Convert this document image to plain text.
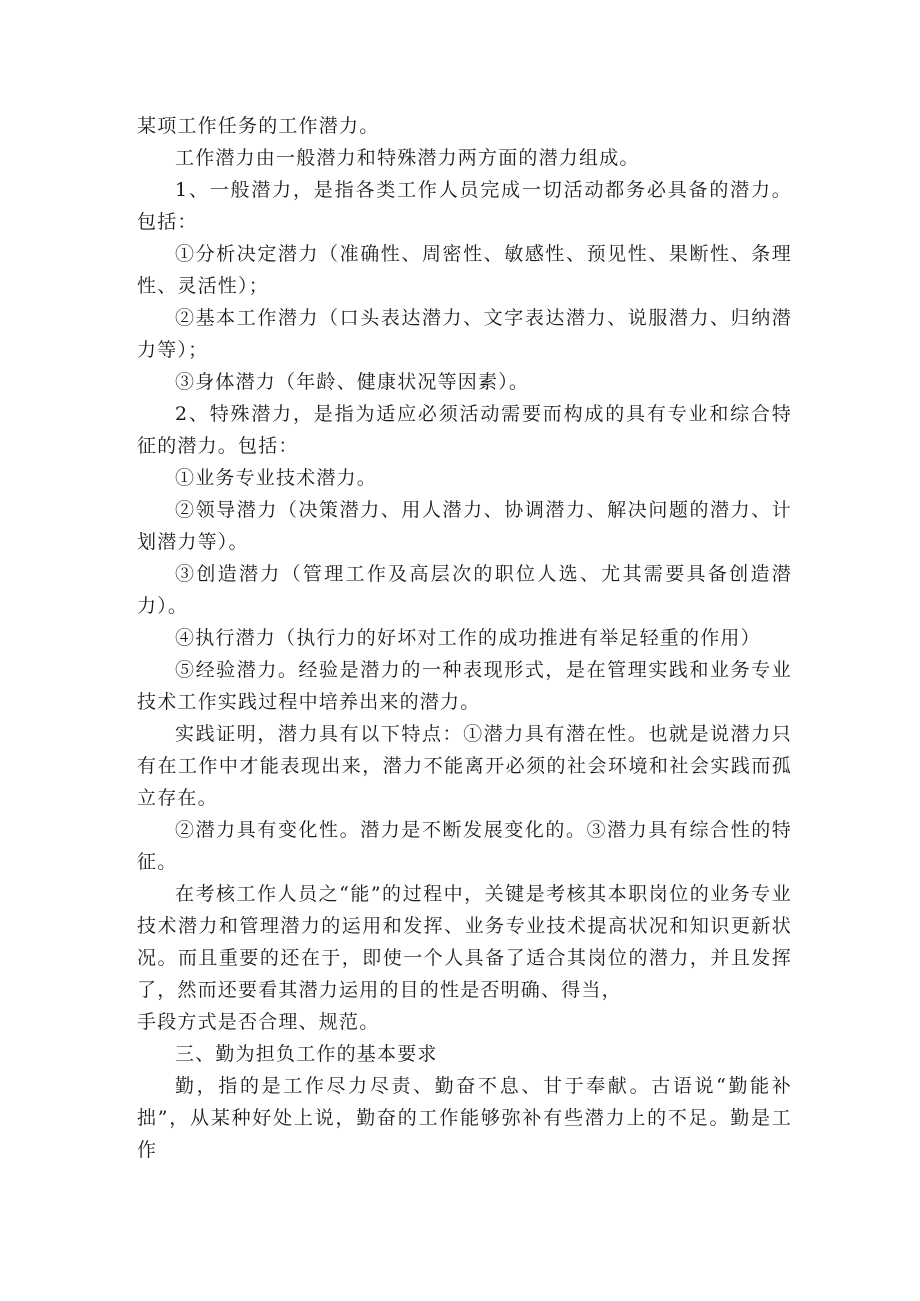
某项工作任务的工作潜力。

工作潜力由一般潜力和特殊潜力两方面的潜力组成。

1、一般潜力，是指各类工作人员完成一切活动都务必具备的潜力。包括：

①分析决定潜力（准确性、周密性、敏感性、预见性、果断性、条理性、灵活性）；

②基本工作潜力（口头表达潜力、文字表达潜力、说服潜力、归纳潜力等）；

③身体潜力（年龄、健康状况等因素）。

2、特殊潜力，是指为适应必须活动需要而构成的具有专业和综合特征的潜力。包括：

①业务专业技术潜力。

②领导潜力（决策潜力、用人潜力、协调潜力、解决问题的潜力、计划潜力等）。

③创造潜力（管理工作及高层次的职位人选、尤其需要具备创造潜力）。

④执行潜力（执行力的好坏对工作的成功推进有举足轻重的作用）

⑤经验潜力。经验是潜力的一种表现形式，是在管理实践和业务专业技术工作实践过程中培养出来的潜力。

实践证明，潜力具有以下特点：①潜力具有潜在性。也就是说潜力只有在工作中才能表现出来，潜力不能离开必须的社会环境和社会实践而孤立存在。

②潜力具有变化性。潜力是不断发展变化的。③潜力具有综合性的特征。

在考核工作人员之“能”的过程中，关键是考核其本职岗位的业务专业技术潜力和管理潜力的运用和发挥、业务专业技术提高状况和知识更新状况。而且重要的还在于，即使一个人具备了适合其岗位的潜力，并且发挥了，然而还要看其潜力运用的目的性是否明确、得当，

手段方式是否合理、规范。

三、勤为担负工作的基本要求

勤，指的是工作尽力尽责、勤奋不息、甘于奉献。古语说“勤能补拙”，从某种好处上说，勤奋的工作能够弥补有些潜力上的不足。勤是工作
